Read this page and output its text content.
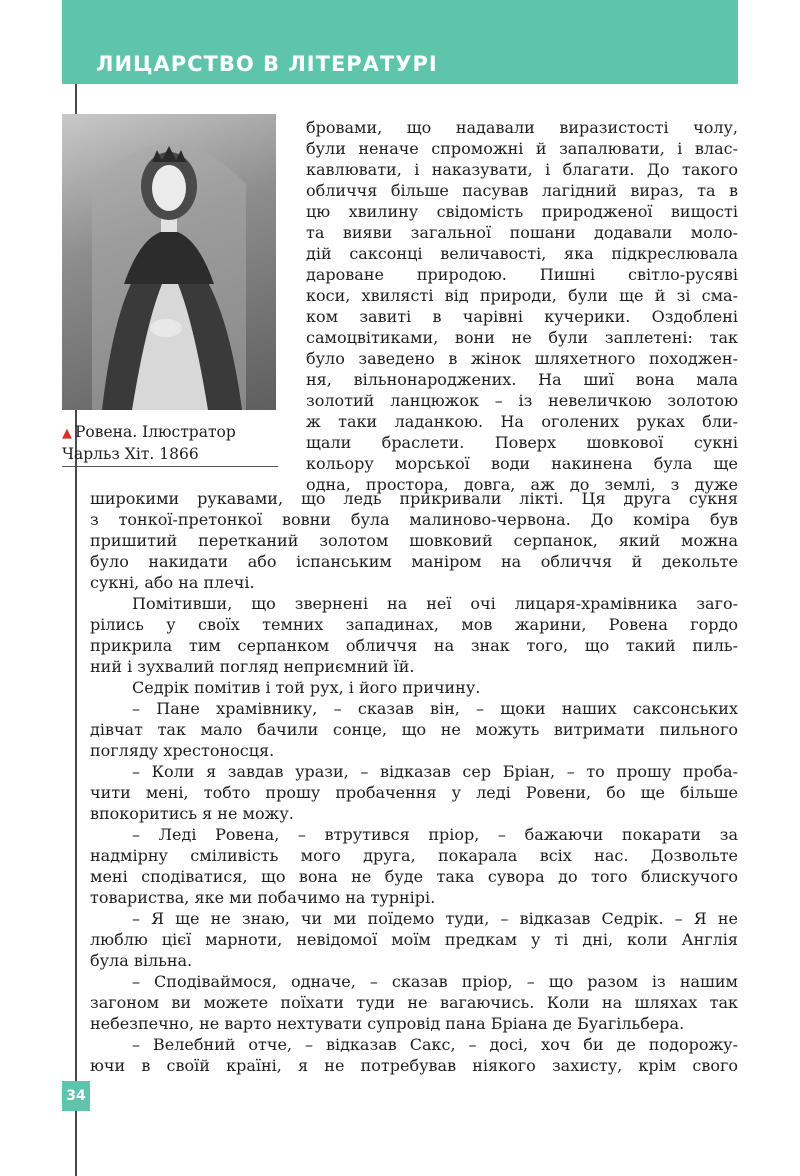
ЛИЦАРСТВО В ЛІТЕРАТУРІ

▲ Ровена. Ілюстратор
Чарльз Хіт. 1866

бровами, що надавали виразистості чолу,
були неначе спроможні й запалювати, і влас-
кавлювати, і наказувати, і благати. До такого
обличчя більше пасував лагідний вираз, та в
цю хвилину свідомість природженої вищості
та вияви загальної пошани додавали моло-
дій саксонці величавості, яка підкреслювала
дароване природою. Пишні світло-русяві
коси, хвилясті від природи, були ще й зі сма-
ком завиті в чарівні кучерики. Оздоблені
самоцвітиками, вони не були заплетені: так
було заведено в жінок шляхетного походжен-
ня, вільнонароджених. На шиї вона мала
золотий ланцюжок – із невеличкою золотою
ж таки ладанкою. На оголених руках бли-
щали браслети. Поверх шовкової сукні
кольору морської води накинена була ще
одна, простора, довга, аж до землі, з дуже
широкими рукавами, що ледь прикривали лікті. Ця друга сукня
з тонкої-претонкої вовни була малиново-червона. До коміра був
пришитий перетканий золотом шовковий серпанок, який можна
було накидати або іспанським маніром на обличчя й декольте
сукні, або на плечі.
Помітивши, що звернені на неї очі лицаря-храмівника заго-
рілись у своїх темних западинах, мов жарини, Ровена гордо
прикрила тим серпанком обличчя на знак того, що такий пиль-
ний і зухвалий погляд неприємний їй.
Седрік помітив і той рух, і його причину.
– Пане храмівнику, – сказав він, – щоки наших саксонських
дівчат так мало бачили сонце, що не можуть витримати пильного
погляду хрестоносця.
– Коли я завдав урази, – відказав сер Бріан, – то прошу проба-
чити мені, тобто прошу пробачення у леді Ровени, бо ще більше
впокоритись я не можу.
– Леді Ровена, – втрутився пріор, – бажаючи покарати за
надмірну сміливість мого друга, покарала всіх нас. Дозвольте
мені сподіватися, що вона не буде така сувора до того блискучого
товариства, яке ми побачимо на турнірі.
– Я ще не знаю, чи ми поїдемо туди, – відказав Седрік. – Я не
люблю цієї марноти, невідомої моїм предкам у ті дні, коли Англія
була вільна.
– Сподіваймося, одначе, – сказав пріор, – що разом із нашим
загоном ви можете поїхати туди не вагаючись. Коли на шляхах так
небезпечно, не варто нехтувати супровід пана Бріана де Буагільбера.
– Велебний отче, – відказав Сакс, – досі, хоч би де подорожу-
ючи в своїй країні, я не потребував ніякого захисту, крім свого
34
